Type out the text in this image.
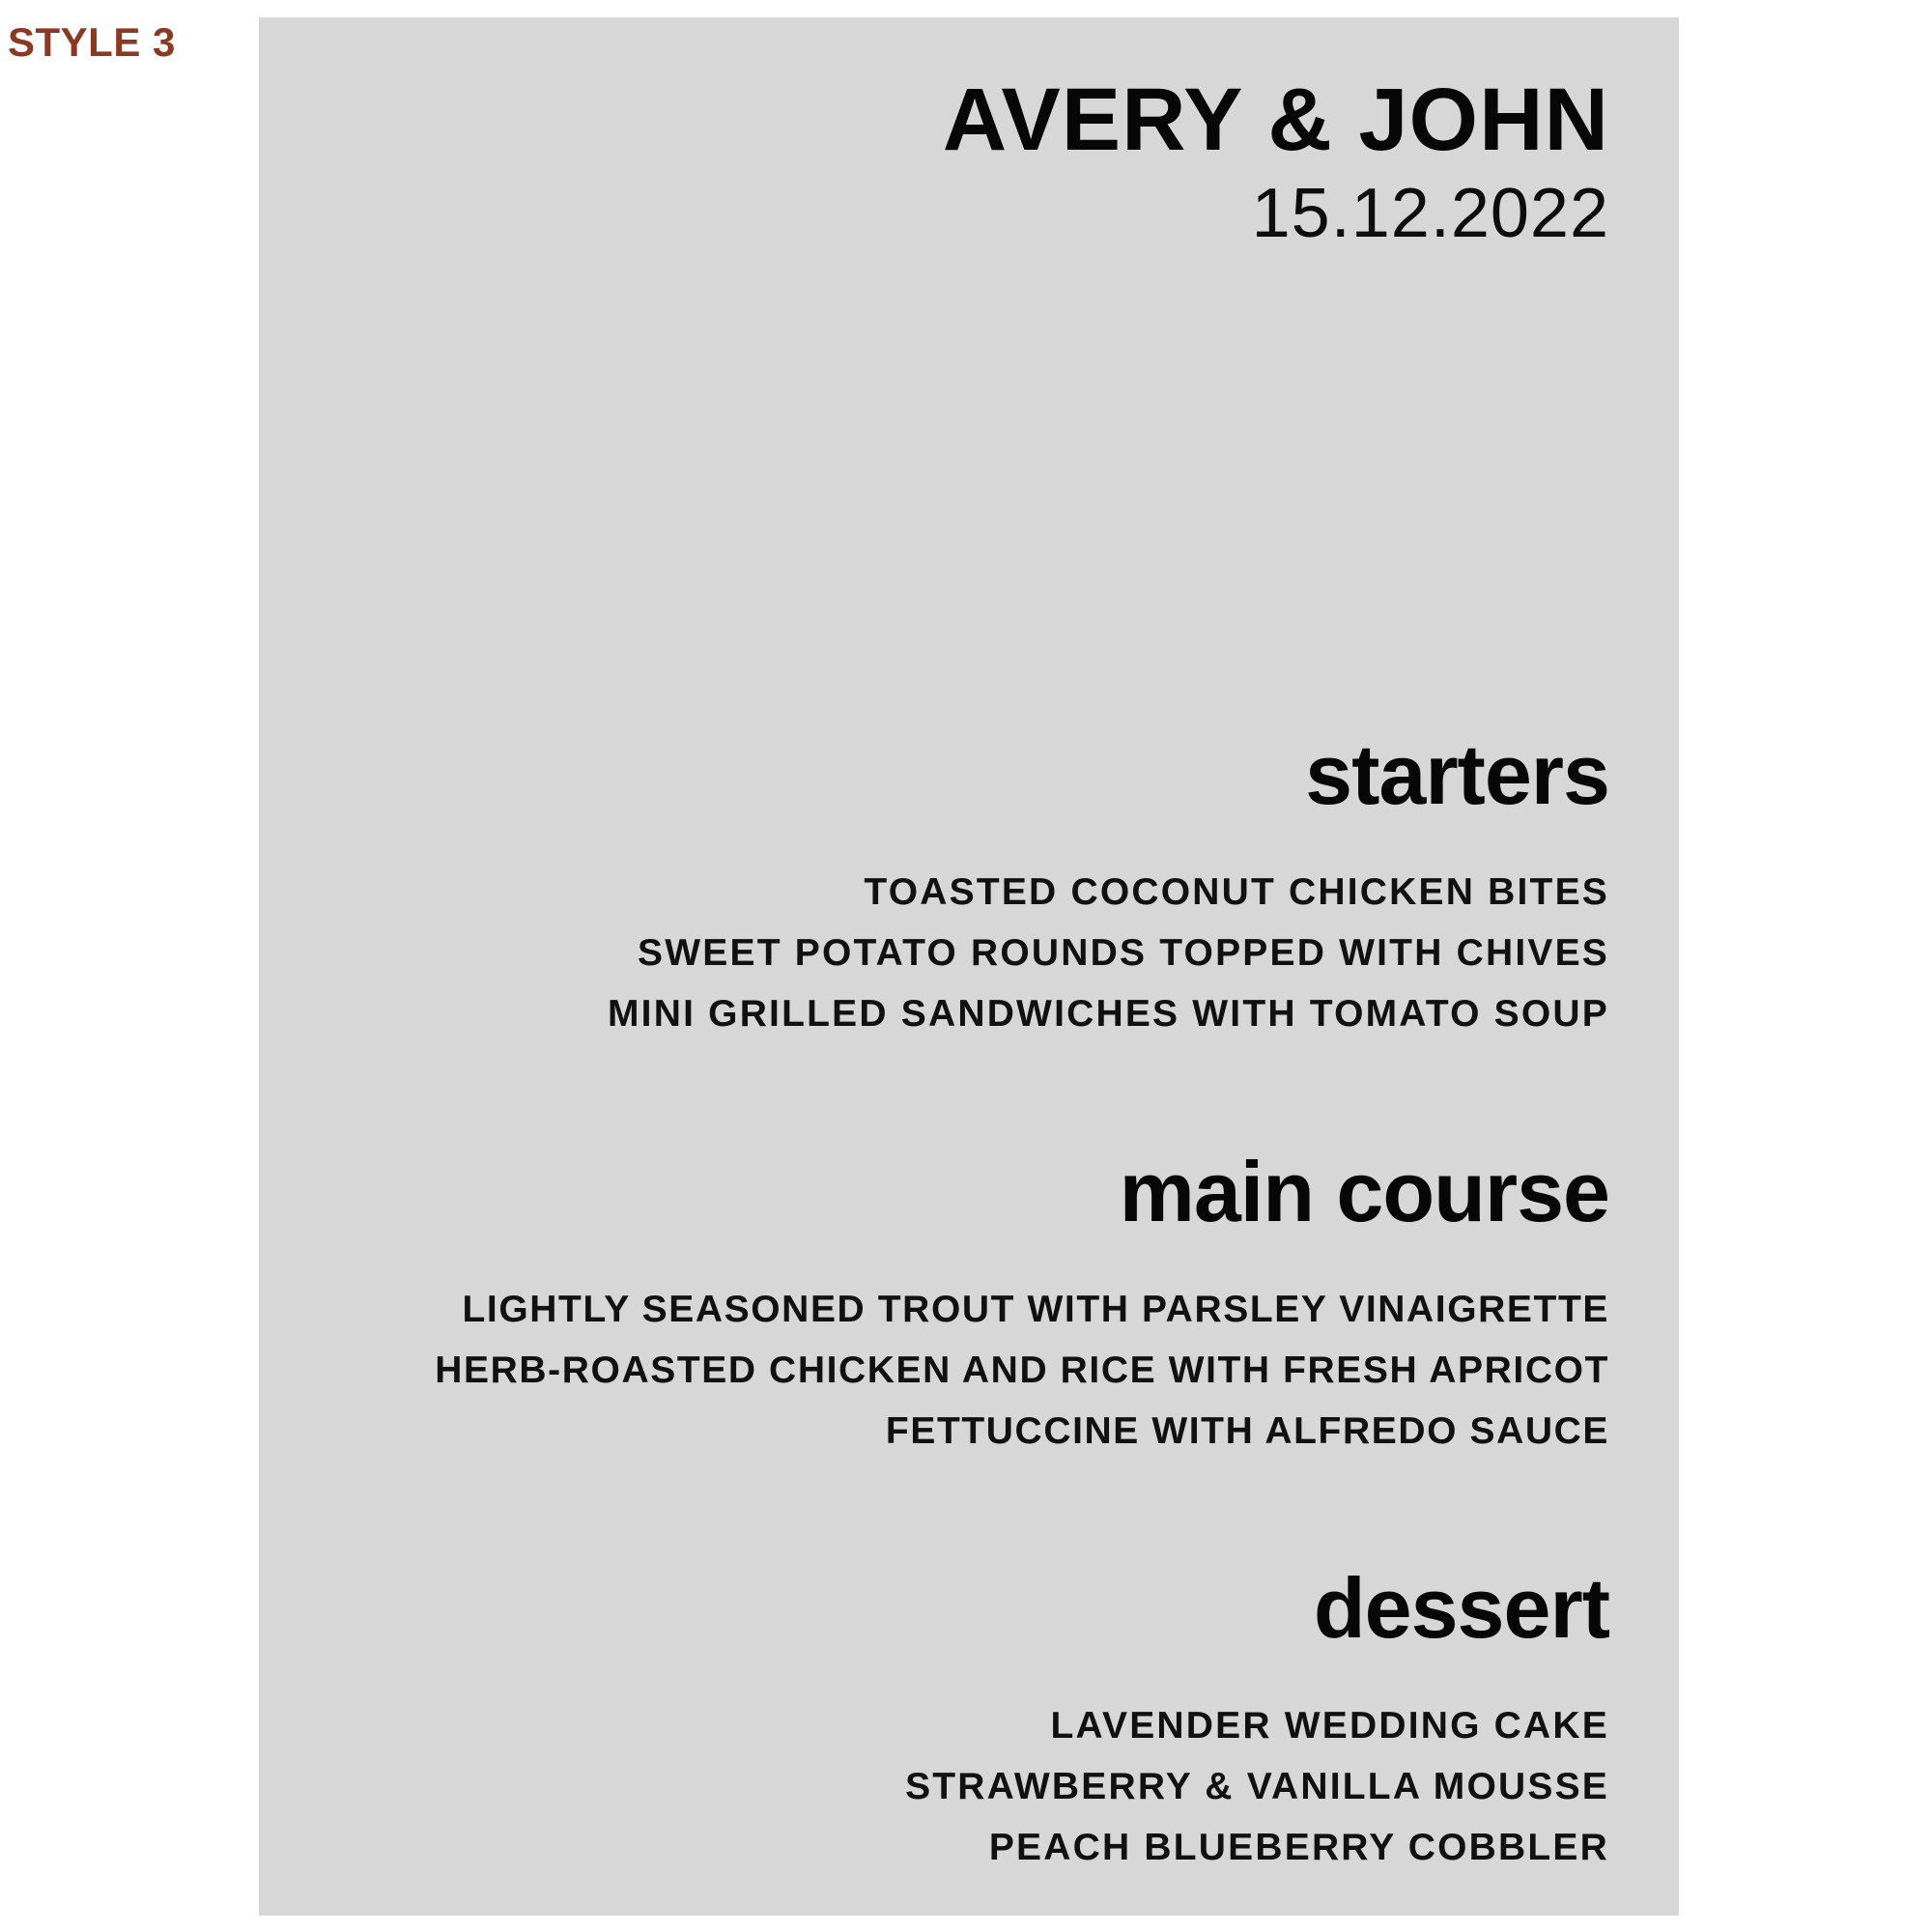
STYLE 3
AVERY & JOHN
15.12.2022
starters
TOASTED COCONUT CHICKEN BITES
SWEET POTATO ROUNDS TOPPED WITH CHIVES
MINI GRILLED SANDWICHES WITH TOMATO SOUP
main course
LIGHTLY SEASONED TROUT WITH PARSLEY VINAIGRETTE
HERB-ROASTED CHICKEN AND RICE WITH FRESH APRICOT
FETTUCCINE WITH ALFREDO SAUCE
dessert
LAVENDER WEDDING CAKE
STRAWBERRY & VANILLA MOUSSE
PEACH BLUEBERRY COBBLER
